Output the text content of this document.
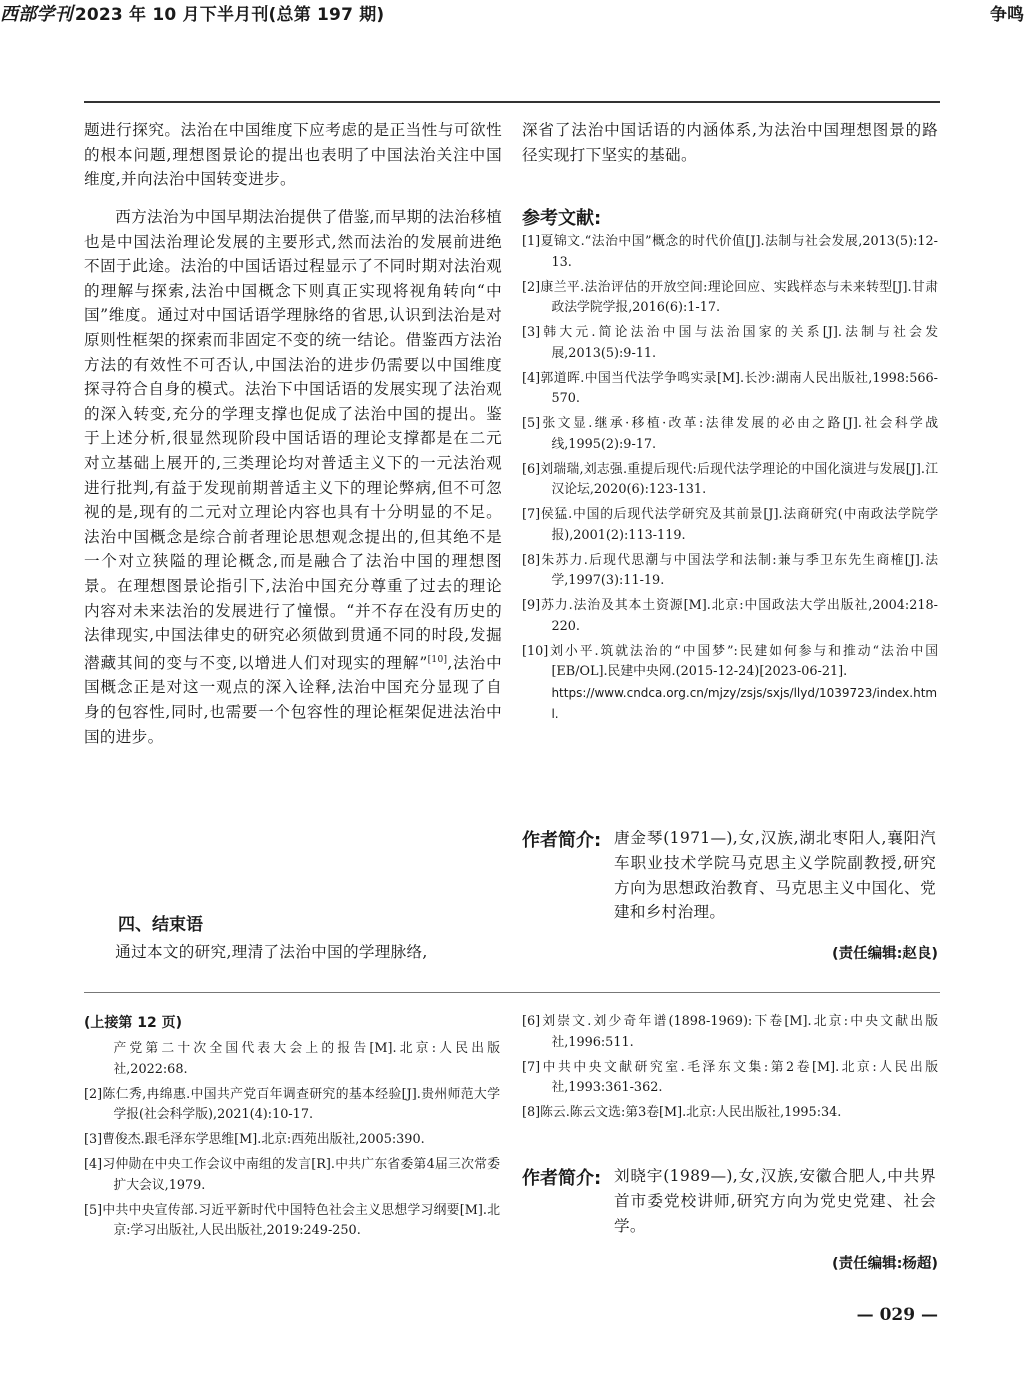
西部学刊 2023 年 10 月下半月刊(总第 197 期)	争鸣
题进行探究。法治在中国维度下应考虑的是正当性与可欲性的根本问题,理想图景论的提出也表明了中国法治关注中国维度,并向法治中国转变进步。
西方法治为中国早期法治提供了借鉴,而早期的法治移植也是中国法治理论发展的主要形式,然而法治的发展前进绝不固于此途。法治的中国话语过程显示了不同时期对法治观的理解与探索,法治中国概念下则真正实现将视角转向“中国”维度。通过对中国话语学理脉络的省思,认识到法治是对原则性框架的探索而非固定不变的统一结论。借鉴西方法治方法的有效性不可否认,中国法治的进步仍需要以中国维度探寻符合自身的模式。法治下中国话语的发展实现了法治观的深入转变,充分的学理支撑也促成了法治中国的提出。鉴于上述分析,很显然现阶段中国话语的理论支撑都是在二元对立基础上展开的,三类理论均对普适主义下的一元法治观进行批判,有益于发现前期普适主义下的理论弊病,但不可忽视的是,现有的二元对立理论内容也具有十分明显的不足。法治中国概念是综合前者理论思想观念提出的,但其绝不是一个对立狭隘的理论概念,而是融合了法治中国的理想图景。在理想图景论指引下,法治中国充分尊重了过去的理论内容对未来法治的发展进行了憧憬。“并不存在没有历史的法律现实,中国法律史的研究必须做到贯通不同的时段,发掘潜藏其间的变与不变,以增进人们对现实的理解”[10],法治中国概念正是对这一观点的深入诠释,法治中国充分显现了自身的包容性,同时,也需要一个包容性的理论框架促进法治中国的进步。
四、结束语
通过本文的研究,理清了法治中国的学理脉络,
深省了法治中国话语的内涵体系,为法治中国理想图景的路径实现打下坚实的基础。
参考文献:
[1]夏锦文.“法治中国”概念的时代价值[J].法制与社会发展,2013(5):12-13.
[2]康兰平.法治评估的开放空间:理论回应、实践样态与未来转型[J].甘肃政法学院学报,2016(6):1-17.
[3]韩大元.简论法治中国与法治国家的关系[J].法制与社会发展,2013(5):9-11.
[4]郭道晖.中国当代法学争鸣实录[M].长沙:湖南人民出版社,1998:566-570.
[5]张文显.继承·移植·改革:法律发展的必由之路[J].社会科学战线,1995(2):9-17.
[6]刘瑞瑞,刘志强.重提后现代:后现代法学理论的中国化演进与发展[J].江汉论坛,2020(6):123-131.
[7]侯猛.中国的后现代法学研究及其前景[J].法商研究(中南政法学院学报),2001(2):113-119.
[8]朱苏力.后现代思潮与中国法学和法制:兼与季卫东先生商榷[J].法学,1997(3):11-19.
[9]苏力.法治及其本土资源[M].北京:中国政法大学出版社,2004:218-220.
[10]刘小平.筑就法治的“中国梦”:民建如何参与和推动“法治中国[EB/OL].民建中央网.(2015-12-24)[2023-06-21].
https://www.cndca.org.cn/mjzy/zsjs/sxjs/llyd/1039723/index.html.
作者简介: 唐金琴(1971—),女,汉族,湖北枣阳人,襄阳汽车职业技术学院马克思主义学院副教授,研究方向为思想政治教育、马克思主义中国化、党建和乡村治理。
(责任编辑:赵良)
(上接第 12 页)
产党第二十次全国代表大会上的报告[M].北京:人民出版社,2022:68.
[2]陈仁秀,冉绵惠.中国共产党百年调查研究的基本经验[J].贵州师范大学学报(社会科学版),2021(4):10-17.
[3]曹俊杰.跟毛泽东学思维[M].北京:西苑出版社,2005:390.
[4]习仲勋在中央工作会议中南组的发言[R].中共广东省委第4届三次常委扩大会议,1979.
[5]中共中央宣传部.习近平新时代中国特色社会主义思想学习纲要[M].北京:学习出版社,人民出版社,2019:249-250.
[6]刘崇文.刘少奇年谱(1898-1969):下卷[M].北京:中央文献出版社,1996:511.
[7]中共中央文献研究室.毛泽东文集:第2卷[M].北京:人民出版社,1993:361-362.
[8]陈云.陈云文选:第3卷[M].北京:人民出版社,1995:34.
作者简介: 刘晓宇(1989—),女,汉族,安徽合肥人,中共界首市委党校讲师,研究方向为党史党建、社会学。
(责任编辑:杨超)
— 029 —
